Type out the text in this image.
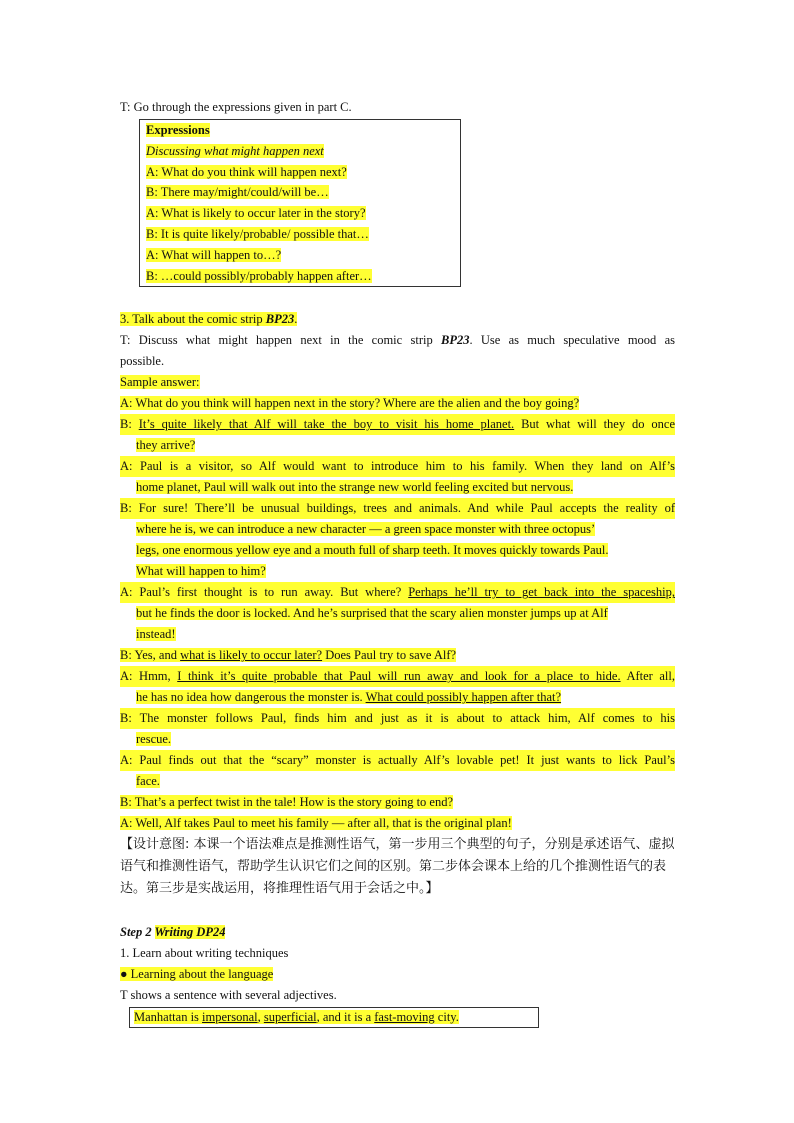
T: Go through the expressions given in part C.
Expressions
Discussing what might happen next
A: What do you think will happen next?
B: There may/might/could/will be…
A: What is likely to occur later in the story?
B: It is quite likely/probable/ possible that…
A: What will happen to…?
B: …could possibly/probably happen after…
3. Talk about the comic strip BP23.
T: Discuss what might happen next in the comic strip BP23. Use as much speculative mood as
possible.
Sample answer:
A: What do you think will happen next in the story? Where are the alien and the boy going?
B: It’s quite likely that Alf will take the boy to visit his home planet. But what will they do once
they arrive?
A: Paul is a visitor, so Alf would want to introduce him to his family. When they land on Alf’s
home planet, Paul will walk out into the strange new world feeling excited but nervous.
B: For sure! There’ll be unusual buildings, trees and animals. And while Paul accepts the reality of
where he is, we can introduce a new character — a green space monster with three octopus’
legs, one enormous yellow eye and a mouth full of sharp teeth. It moves quickly towards Paul.
What will happen to him?
A: Paul’s first thought is to run away. But where? Perhaps he’ll try to get back into the spaceship,
but he finds the door is locked. And he’s surprised that the scary alien monster jumps up at Alf
instead!
B: Yes, and what is likely to occur later? Does Paul try to save Alf?
A: Hmm, I think it’s quite probable that Paul will run away and look for a place to hide. After all,
he has no idea how dangerous the monster is. What could possibly happen after that?
B: The monster follows Paul, finds him and just as it is about to attack him, Alf comes to his
rescue.
A: Paul finds out that the “scary” monster is actually Alf’s lovable pet! It just wants to lick Paul’s
face.
B: That’s a perfect twist in the tale! How is the story going to end?
A: Well, Alf takes Paul to meet his family — after all, that is the original plan!
【设计意图: 本课一个语法难点是推测性语气，第一步用三个典型的句子，分别是承述语气、虚拟语气和推测性语气，帮助学生认识它们之间的区别。第二步体会课本上给的几个推测性语气的表达。第三步是实战运用，将推理性语气用于会话之中。】
Step 2 Writing DP24
1. Learn about writing techniques
● Learning about the language
T shows a sentence with several adjectives.
Manhattan is impersonal, superficial, and it is a fast-moving city.
